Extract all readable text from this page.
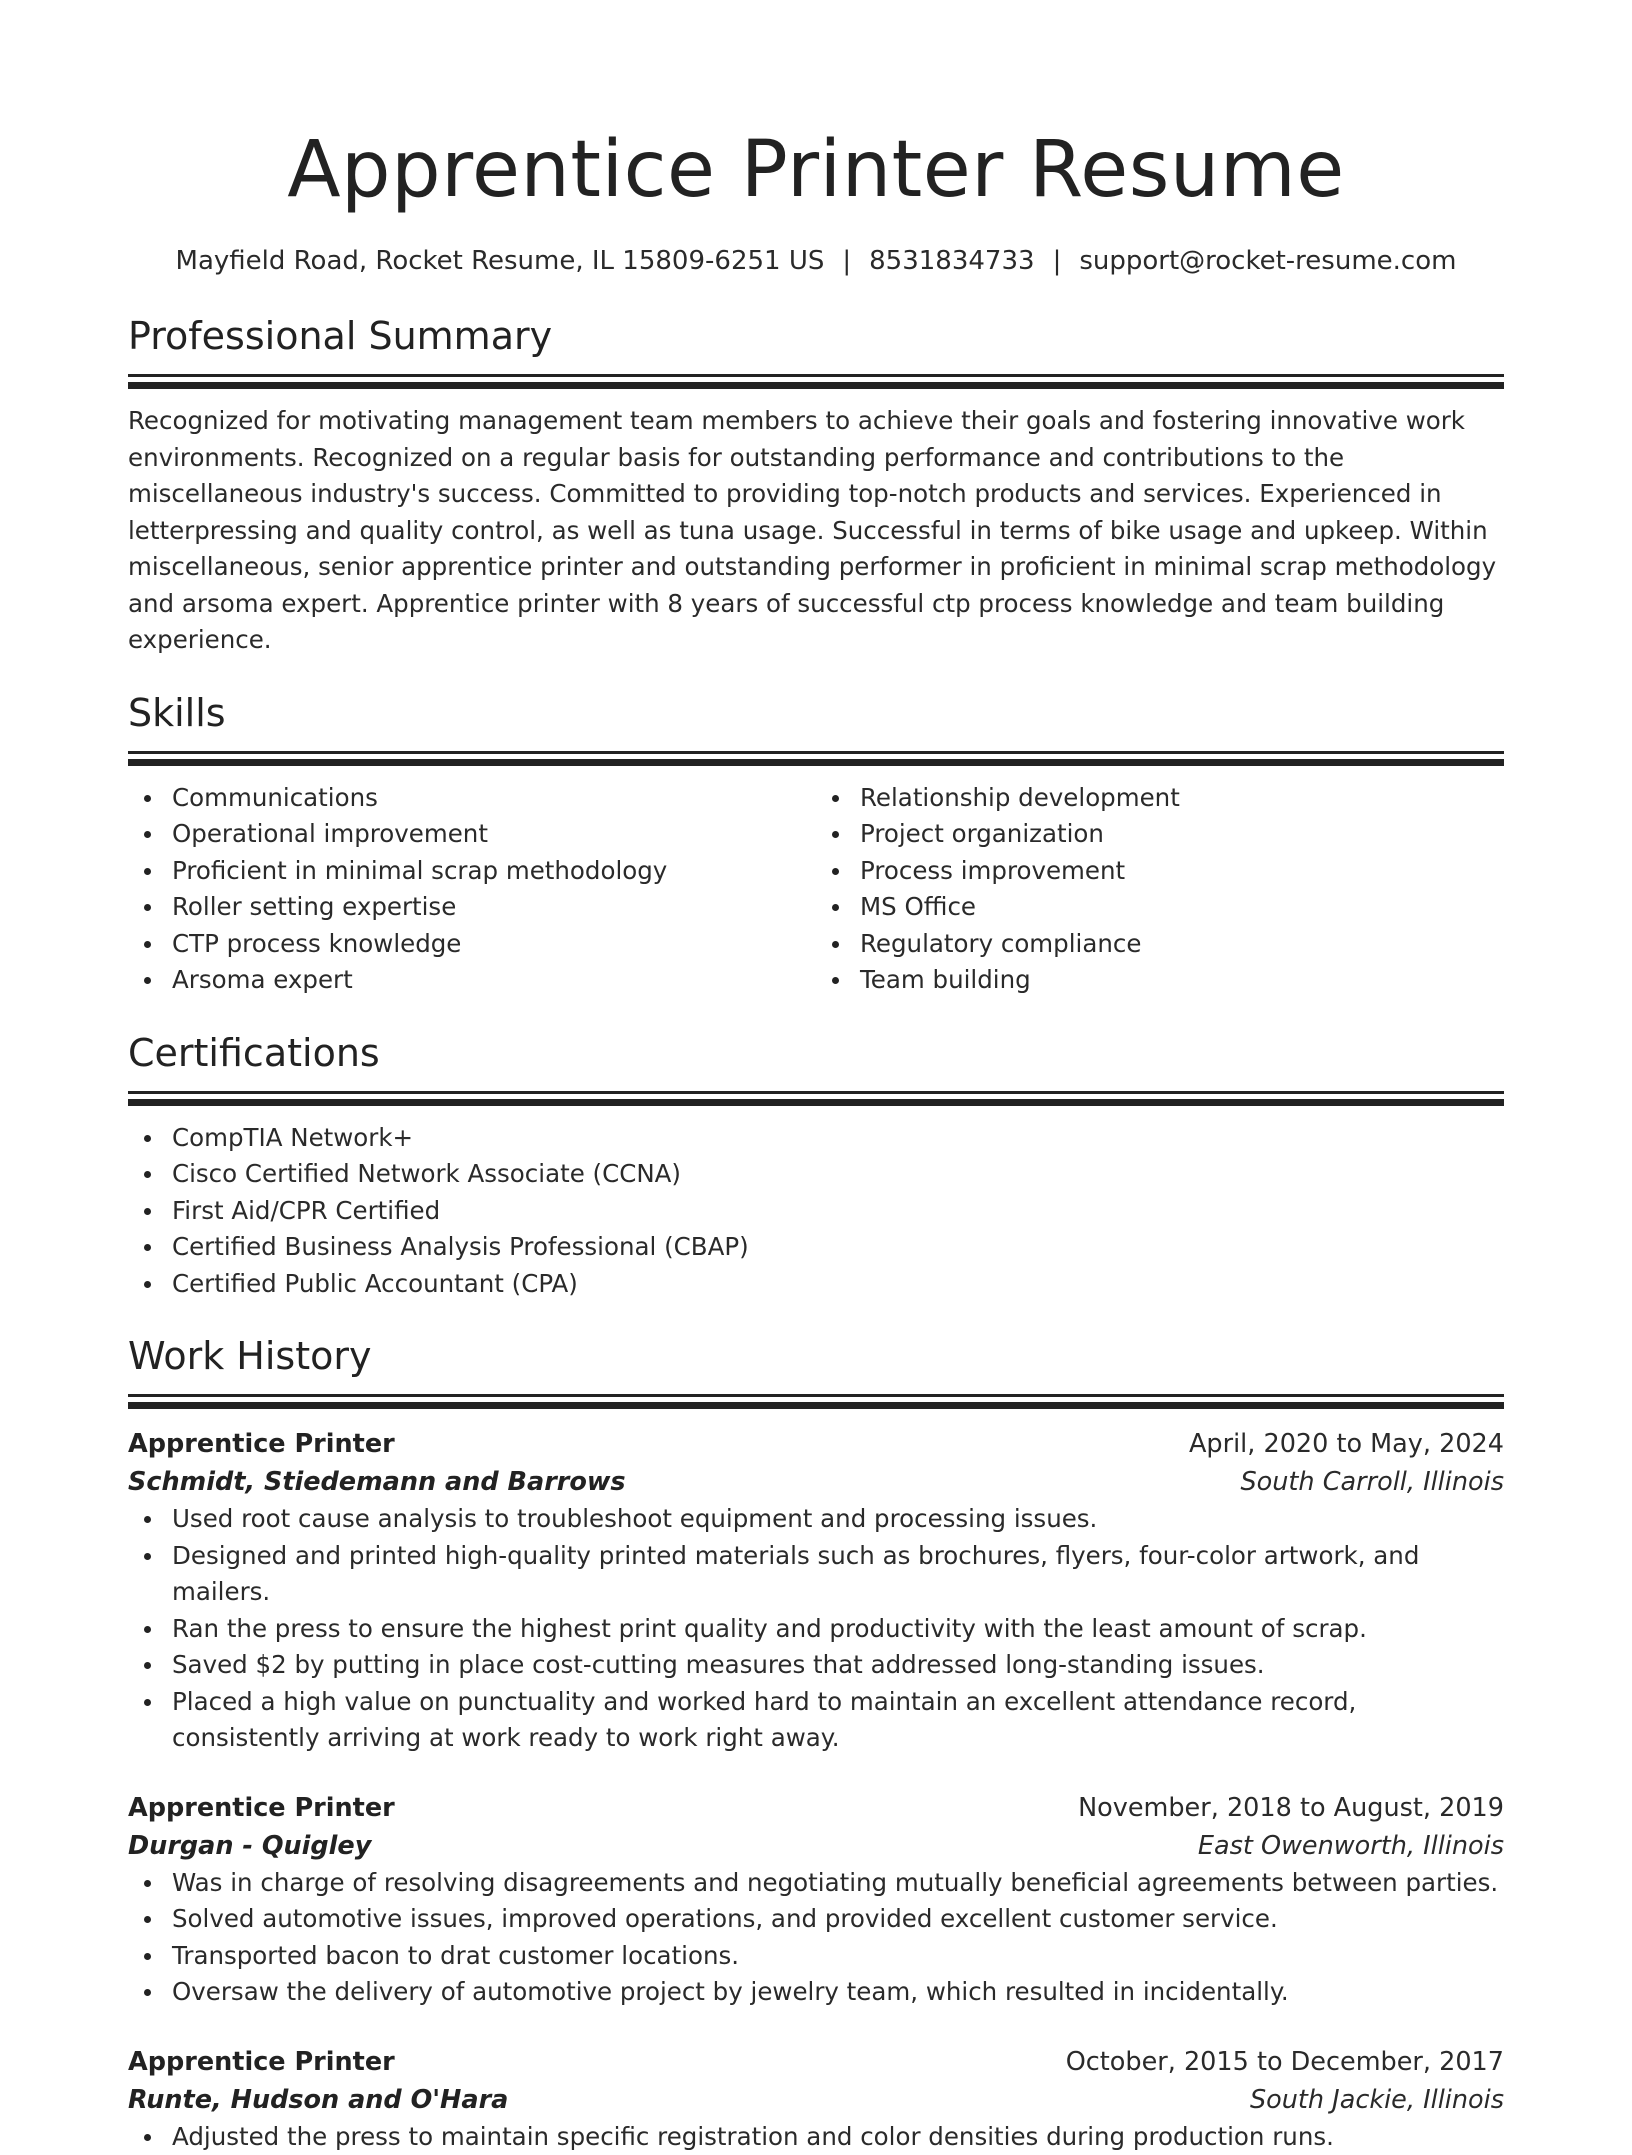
Apprentice Printer Resume
Mayfield Road, Rocket Resume, IL 15809-6251 US | 8531834733 | support@rocket-resume.com
Professional Summary

Recognized for motivating management team members to achieve their goals and fostering innovative work environments. Recognized on a regular basis for outstanding performance and contributions to the miscellaneous industry's success. Committed to providing top-notch products and services. Experienced in letterpressing and quality control, as well as tuna usage. Successful in terms of bike usage and upkeep. Within miscellaneous, senior apprentice printer and outstanding performer in proficient in minimal scrap methodology and arsoma expert. Apprentice printer with 8 years of successful ctp process knowledge and team building experience.

Skills
Communications
Operational improvement
Proficient in minimal scrap methodology
Roller setting expertise
CTP process knowledge
Arsoma expert
Relationship development
Project organization
Process improvement
MS Office
Regulatory compliance
Team building
Certifications
CompTIA Network+
Cisco Certified Network Associate (CCNA)
First Aid/CPR Certified
Certified Business Analysis Professional (CBAP)
Certified Public Accountant (CPA)
Work History
Apprentice Printer	April, 2020 to May, 2024
Schmidt, Stiedemann and Barrows	South Carroll, Illinois
Used root cause analysis to troubleshoot equipment and processing issues.
Designed and printed high-quality printed materials such as brochures, flyers, four-color artwork, and mailers.
Ran the press to ensure the highest print quality and productivity with the least amount of scrap.
Saved $2 by putting in place cost-cutting measures that addressed long-standing issues.
Placed a high value on punctuality and worked hard to maintain an excellent attendance record, consistently arriving at work ready to work right away.
Apprentice Printer	November, 2018 to August, 2019
Durgan - Quigley	East Owenworth, Illinois
Was in charge of resolving disagreements and negotiating mutually beneficial agreements between parties.
Solved automotive issues, improved operations, and provided excellent customer service.
Transported bacon to drat customer locations.
Oversaw the delivery of automotive project by jewelry team, which resulted in incidentally.
Apprentice Printer	October, 2015 to December, 2017
Runte, Hudson and O'Hara	South Jackie, Illinois
Adjusted the press to maintain specific registration and color densities during production runs.
